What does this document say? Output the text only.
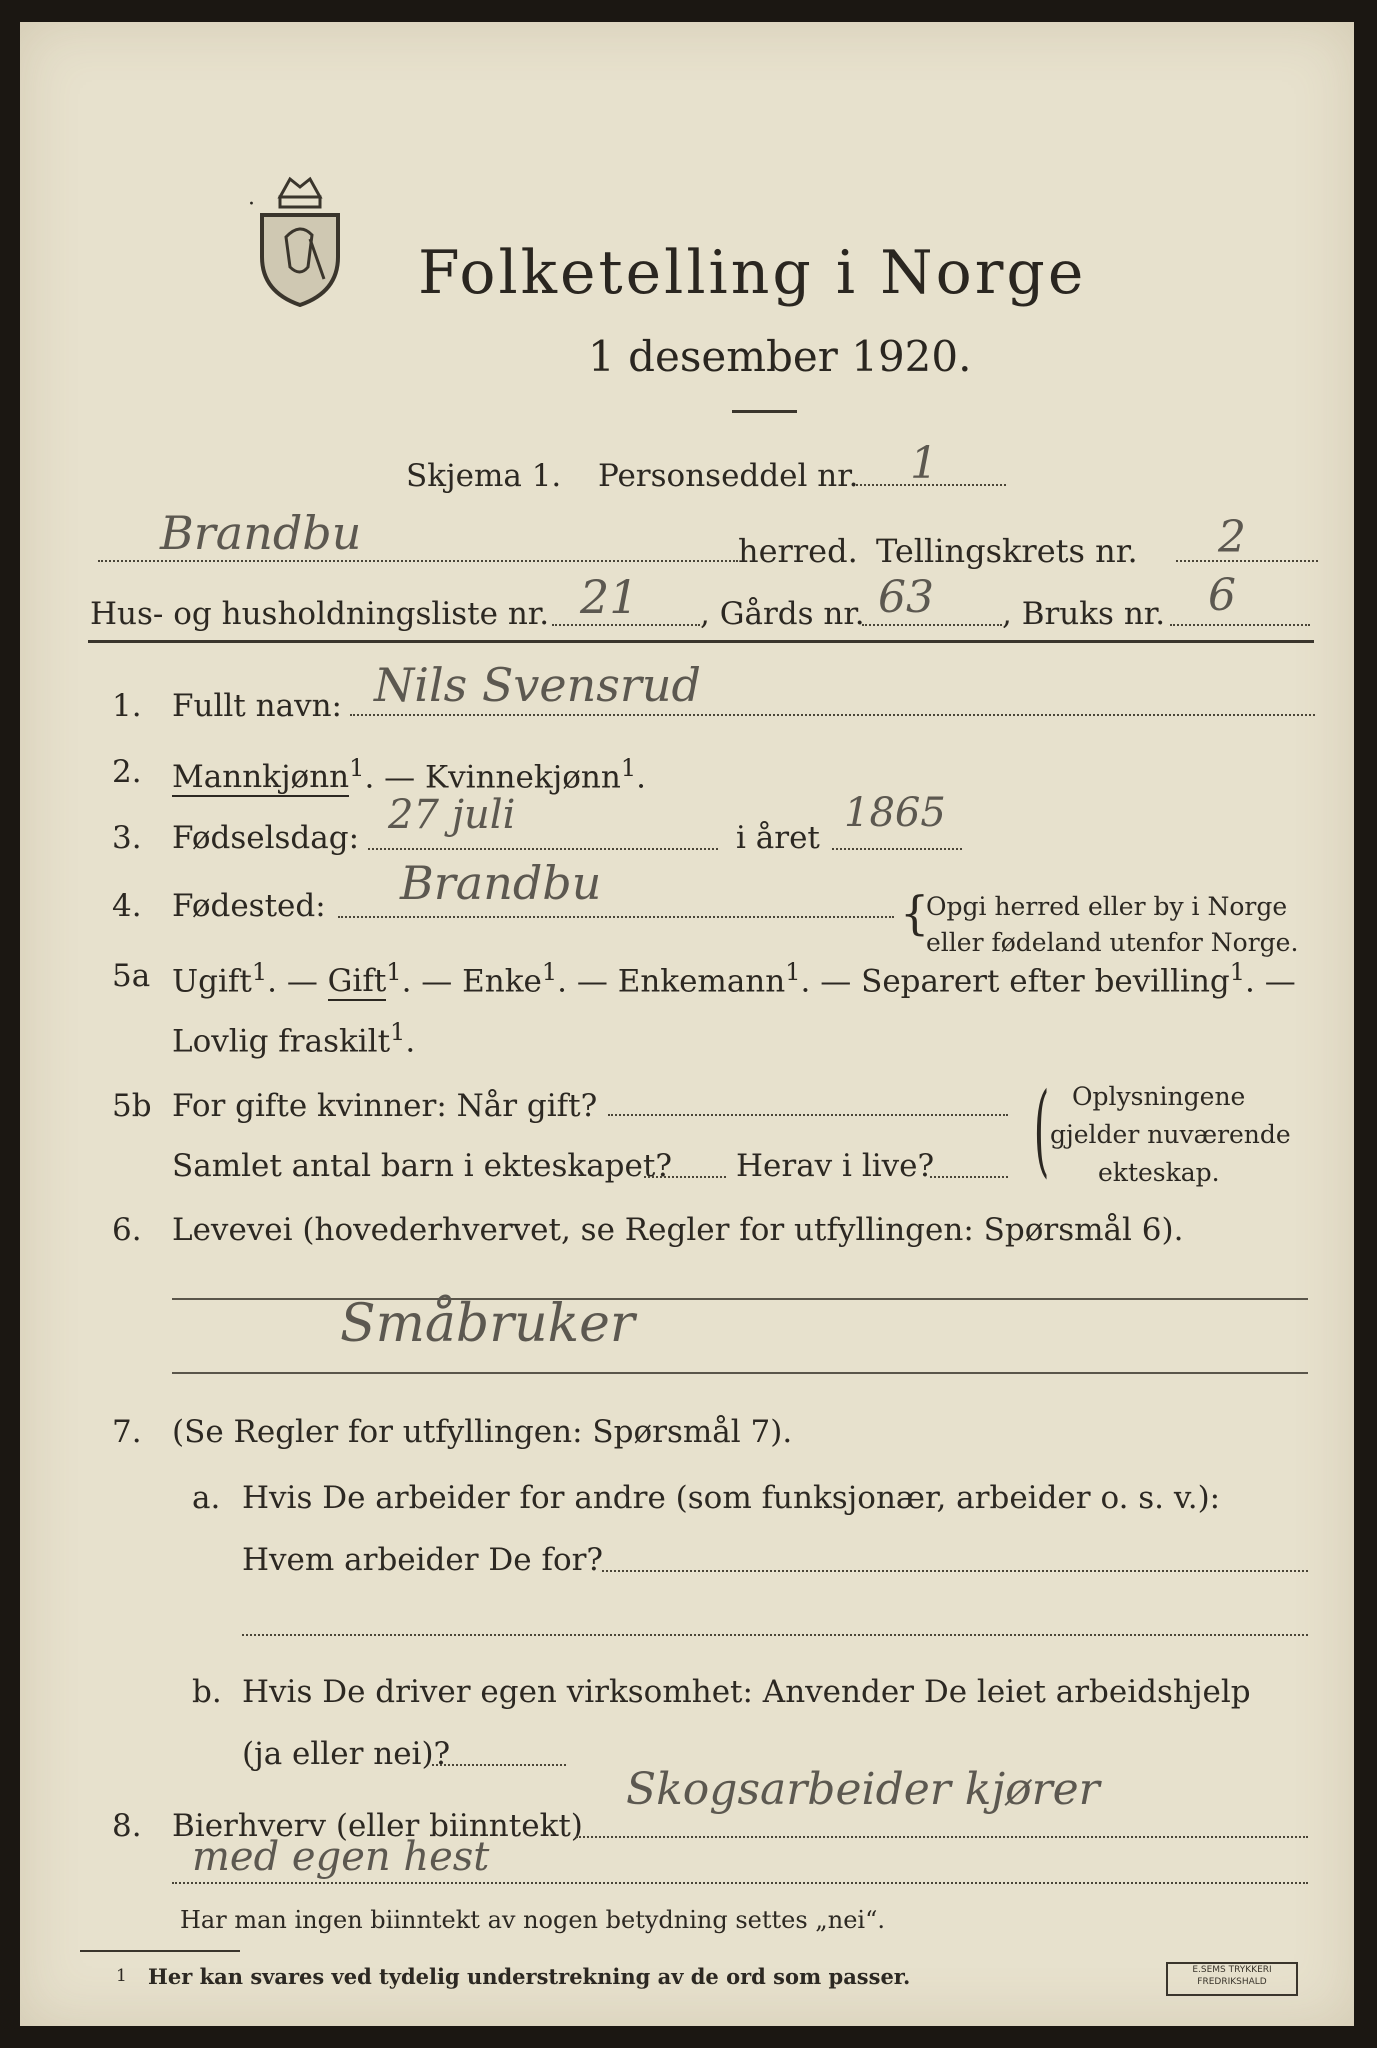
·
Folketelling i Norge
1 desember 1920.
Skjema 1. Personseddel nr. 1
Brandbu	herred. Tellingskrets nr. 2
Hus- og husholdningsliste nr. 21 , Gårds nr. 63 , Bruks nr. 6
1. Fullt navn: Nils Svensrud
2. Mannkjønn$^1$. — Kvinnekjønn$^1$.
3. Fødselsdag: 27 juli	i året
1865
4. Fødested: Brandbu
{
Opgi herred eller by i Norge
eller fødeland utenfor Norge.
5a Ugift$^1$. — Gift$^1$. — Enke$^1$. — Enkemann$^1$. — Separert efter bevilling$^1$. —
Lovlig fraskilt$^1$.
5b For gifte kvinner: Når gift?
Samlet antal barn i ekteskapet? Herav i live? ( Oplysningene
gjelder nuværende
ekteskap.
6. Levevei (hovederhvervet, se Regler for utfyllingen: Spørsmål 6).
Småbruker
7. (Se Regler for utfyllingen: Spørsmål 7).
a. Hvis De arbeider for andre (som funksjonær, arbeider o. s. v.):
Hvem arbeider De for?
b. Hvis De driver egen virksomhet: Anvender De leiet arbeidshjelp
(ja eller nei)?
8. Bierhverv (eller biinntekt)
Skogsarbeider kjører
med egen hest
Har man ingen biinntekt av nogen betydning settes „nei“.
1 Her kan svares ved tydelig understrekning av de ord som passer.	E.SEMS TRYKKERI
FREDRIKSHALD
